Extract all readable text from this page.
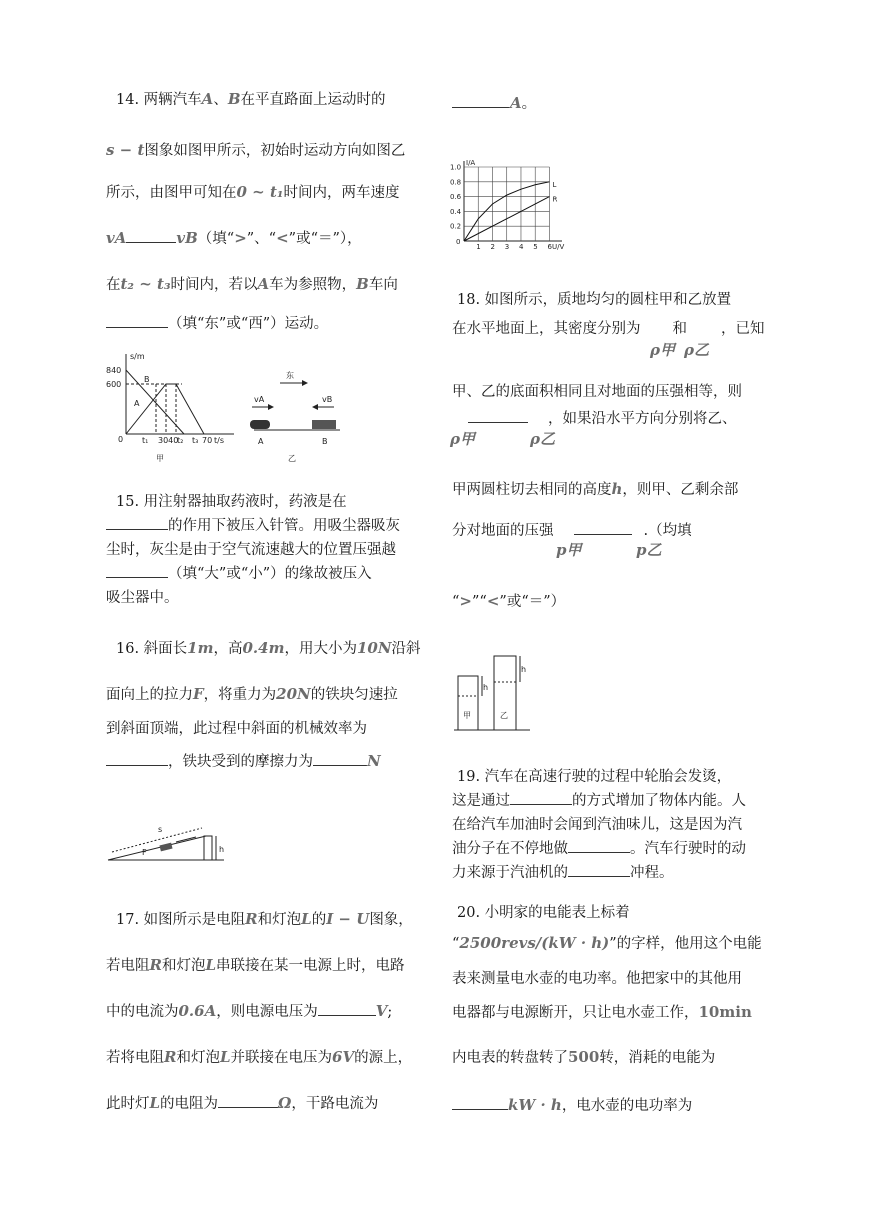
14. 两辆汽车A、B在平直路面上运动时的
s − t图象如图甲所示，初始时运动方向如图乙
所示，由图甲可知在0 ~ t₁时间内，两车速度
vA	vB（填“>”、“<”或“＝”），
在t₂ ~ t₃时间内，若以A车为参照物，B车向
（填“东”或“西”）运动。
s/m
840
600
B
A
0 t₁ 3040
t₂ t₃ 70 t/s
甲
东
vA	vB
A	B
乙
15. 用注射器抽取药液时，药液是在
的作用下被压入针管。用吸尘器吸灰
尘时，灰尘是由于空气流速越大的位置压强越
（填“大”或“小”）的缘故被压入
吸尘器中。
16. 斜面长1m，高0.4m，用大小为10N沿斜
面向上的拉力F，将重力为20N的铁块匀速拉
到斜面顶端，此过程中斜面的机械效率为
，铁块受到的摩擦力为	N
s
F	h
17. 如图所示是电阻R和灯泡L的I − U图象，
若电阻R和灯泡L串联接在某一电源上时，电路
中的电流为0.6A，则电源电压为	V;
若将电阻R和灯泡L并联接在电压为6V的源上，
此时灯L的电阻为	Ω，干路电流为
A。
1 2 3 4 5 6
0.2
0.4
0.6
0.8
1.0
0
U/V
I/A
L
R
18. 如图所示，质地均匀的圆柱甲和乙放置
在水平地面上，其密度分别为 和 ，已知
ρ甲 ρ乙
甲、乙的底面积相同且对地面的压强相等，则
，如果沿水平方向分别将乙、
ρ甲	ρ乙
甲两圆柱切去相同的高度h，则甲、乙剩余部
分对地面的压强	.（均填
p甲	p乙
“>”“<”或“＝”）
甲	乙
h
h
19. 汽车在高速行驶的过程中轮胎会发烫，
这是通过	的方式增加了物体内能。人
在给汽车加油时会闻到汽油味儿，这是因为汽
油分子在不停地做	。汽车行驶时的动
力来源于汽油机的	冲程。
20. 小明家的电能表上标着
“2500revs/(kW · h)”的字样，他用这个电能
表来测量电水壶的电功率。他把家中的其他用
电器都与电源断开，只让电水壶工作，10min
内电表的转盘转了500转，消耗的电能为
kW · h，电水壶的电功率为
